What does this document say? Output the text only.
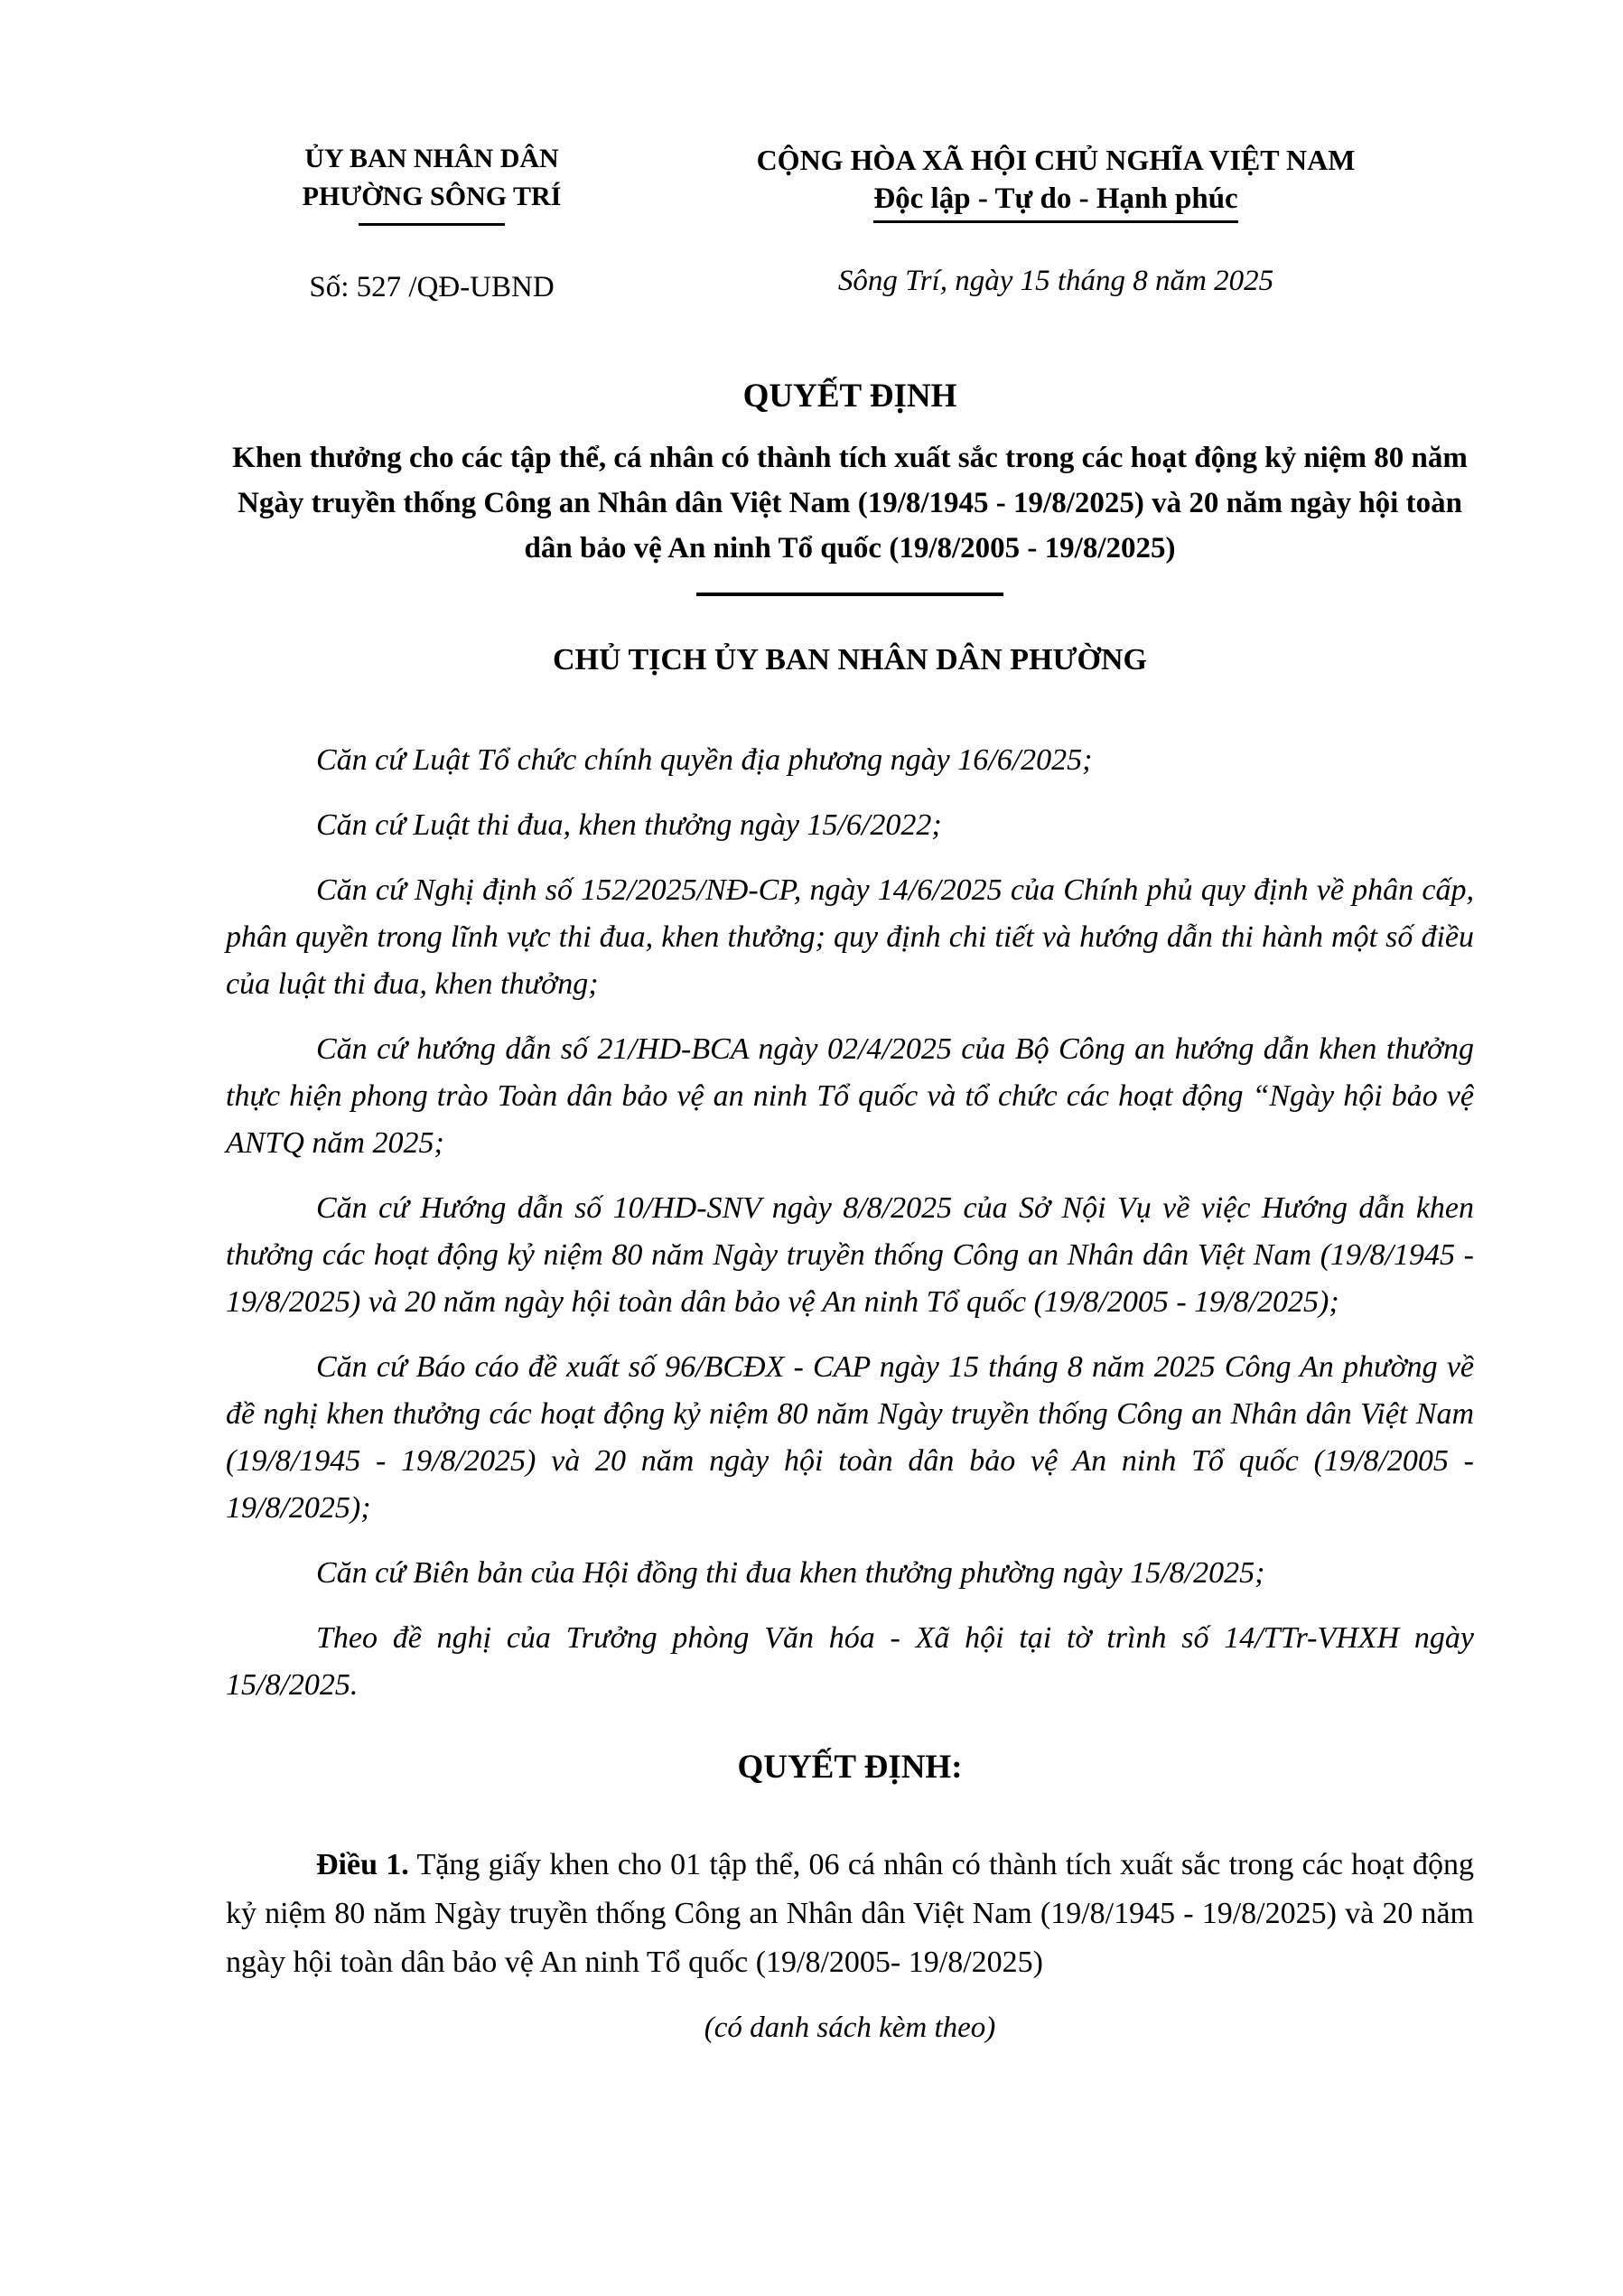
ỦY BAN NHÂN DÂN
PHƯỜNG SÔNG TRÍ
Số: 527 /QĐ-UBND
CỘNG HÒA XÃ HỘI CHỦ NGHĨA VIỆT NAM
Độc lập - Tự do - Hạnh phúc
Sông Trí, ngày 15 tháng 8 năm 2025
QUYẾT ĐỊNH
Khen thưởng cho các tập thể, cá nhân có thành tích xuất sắc trong các hoạt động kỷ niệm 80 năm Ngày truyền thống Công an Nhân dân Việt Nam (19/8/1945 - 19/8/2025) và 20 năm ngày hội toàn dân bảo vệ An ninh Tổ quốc (19/8/2005 - 19/8/2025)
CHỦ TỊCH ỦY BAN NHÂN DÂN PHƯỜNG

Căn cứ Luật Tổ chức chính quyền địa phương ngày 16/6/2025;

Căn cứ Luật thi đua, khen thưởng ngày 15/6/2022;

Căn cứ Nghị định số 152/2025/NĐ-CP, ngày 14/6/2025 của Chính phủ quy định về phân cấp, phân quyền trong lĩnh vực thi đua, khen thưởng; quy định chi tiết và hướng dẫn thi hành một số điều của luật thi đua, khen thưởng;

Căn cứ hướng dẫn số 21/HD-BCA ngày 02/4/2025 của Bộ Công an hướng dẫn khen thưởng thực hiện phong trào Toàn dân bảo vệ an ninh Tổ quốc và tổ chức các hoạt động “Ngày hội bảo vệ ANTQ năm 2025;

Căn cứ Hướng dẫn số 10/HD-SNV ngày 8/8/2025 của Sở Nội Vụ về việc Hướng dẫn khen thưởng các hoạt động kỷ niệm 80 năm Ngày truyền thống Công an Nhân dân Việt Nam (19/8/1945 - 19/8/2025) và 20 năm ngày hội toàn dân bảo vệ An ninh Tổ quốc (19/8/2005 - 19/8/2025);

Căn cứ Báo cáo đề xuất số 96/BCĐX - CAP ngày 15 tháng 8 năm 2025 Công An phường về đề nghị khen thưởng các hoạt động kỷ niệm 80 năm Ngày truyền thống Công an Nhân dân Việt Nam (19/8/1945 - 19/8/2025) và 20 năm ngày hội toàn dân bảo vệ An ninh Tổ quốc (19/8/2005 - 19/8/2025);

Căn cứ Biên bản của Hội đồng thi đua khen thưởng phường ngày 15/8/2025;

Theo đề nghị của Trưởng phòng Văn hóa - Xã hội tại tờ trình số 14/TTr-VHXH ngày 15/8/2025.

QUYẾT ĐỊNH:

Điều 1. Tặng giấy khen cho 01 tập thể, 06 cá nhân có thành tích xuất sắc trong các hoạt động kỷ niệm 80 năm Ngày truyền thống Công an Nhân dân Việt Nam (19/8/1945 - 19/8/2025) và 20 năm ngày hội toàn dân bảo vệ An ninh Tổ quốc (19/8/2005- 19/8/2025)

(có danh sách kèm theo)
